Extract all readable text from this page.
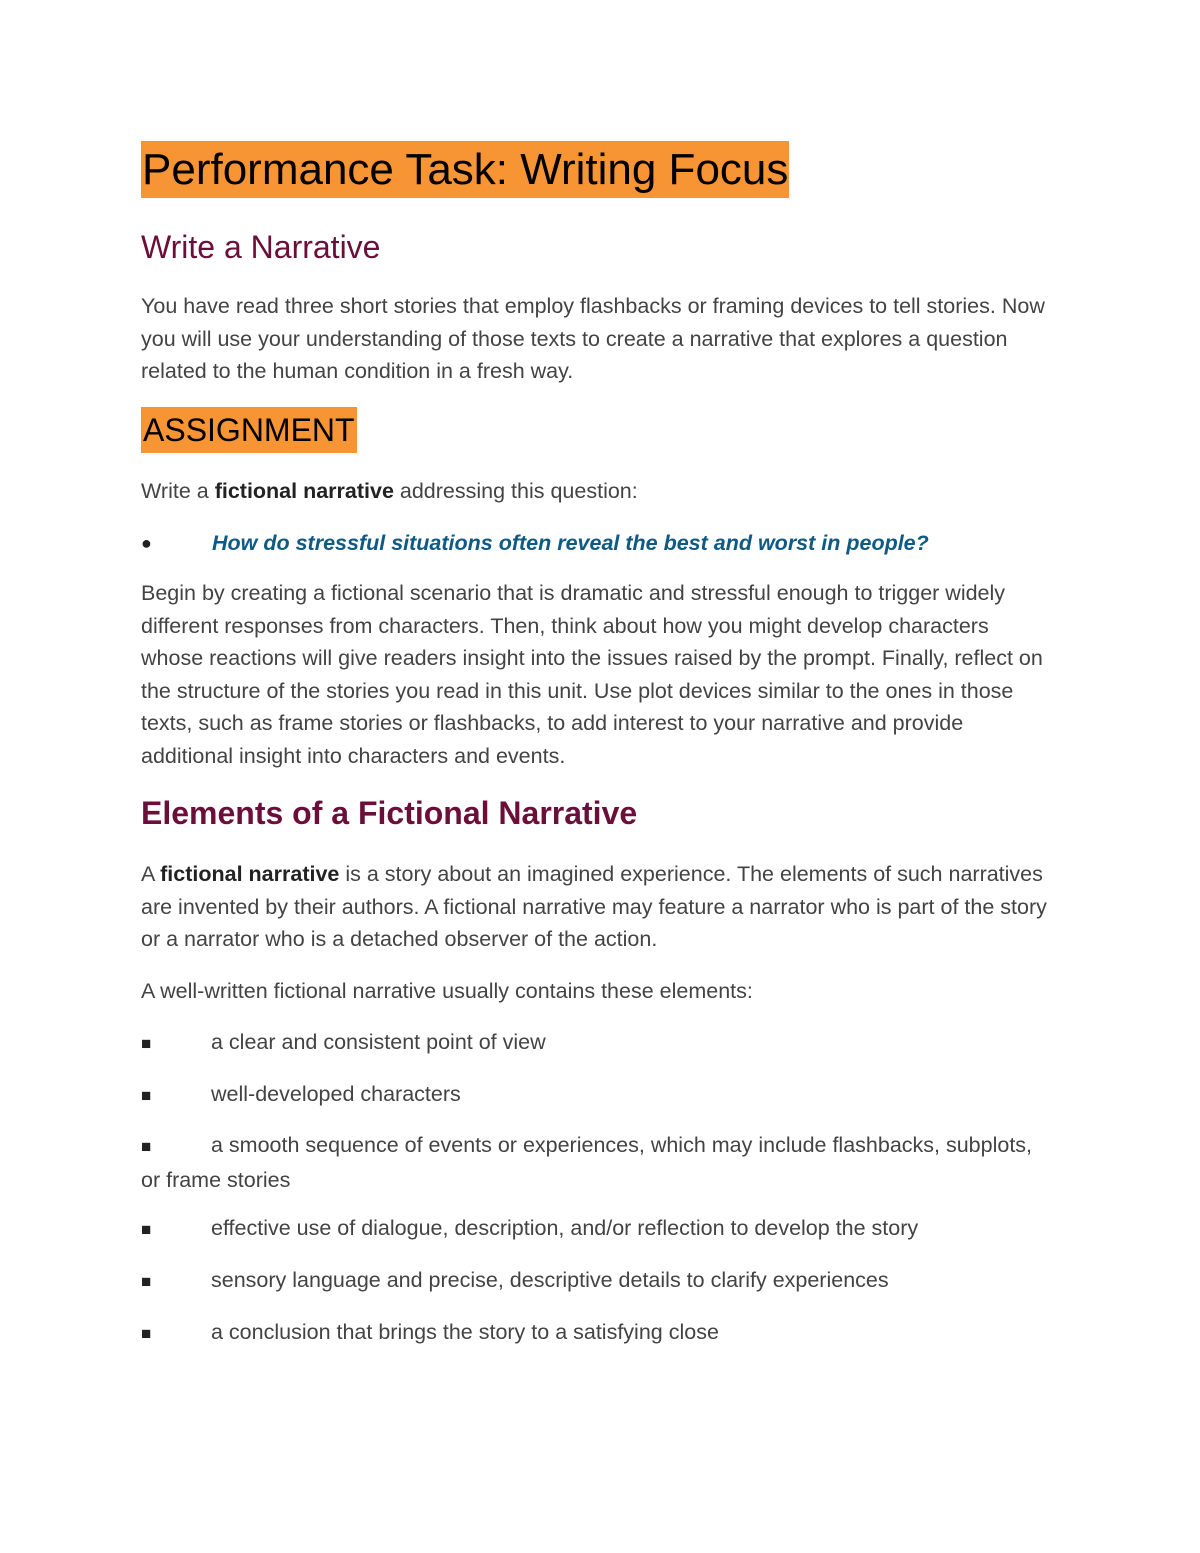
Performance Task: Writing Focus
Write a Narrative

You have read three short stories that employ flashbacks or framing devices to tell stories. Now you will use your understanding of those texts to create a narrative that explores a question related to the human condition in a fresh way.

ASSIGNMENT

Write a fictional narrative addressing this question:

●	How do stressful situations often reveal the best and worst in people?

Begin by creating a fictional scenario that is dramatic and stressful enough to trigger widely different responses from characters. Then, think about how you might develop characters whose reactions will give readers insight into the issues raised by the prompt. Finally, reflect on the structure of the stories you read in this unit. Use plot devices similar to the ones in those texts, such as frame stories or flashbacks, to add interest to your narrative and provide additional insight into characters and events.

Elements of a Fictional Narrative

A fictional narrative is a story about an imagined experience. The elements of such narratives are invented by their authors. A fictional narrative may feature a narrator who is part of the story or a narrator who is a detached observer of the action.

A well-written fictional narrative usually contains these elements:

■	a clear and consistent point of view
■	well-developed characters
■	a smooth sequence of events or experiences, which may include flashbacks, subplots, or frame stories
■	effective use of dialogue, description, and/or reflection to develop the story
■	sensory language and precise, descriptive details to clarify experiences
■	a conclusion that brings the story to a satisfying close
